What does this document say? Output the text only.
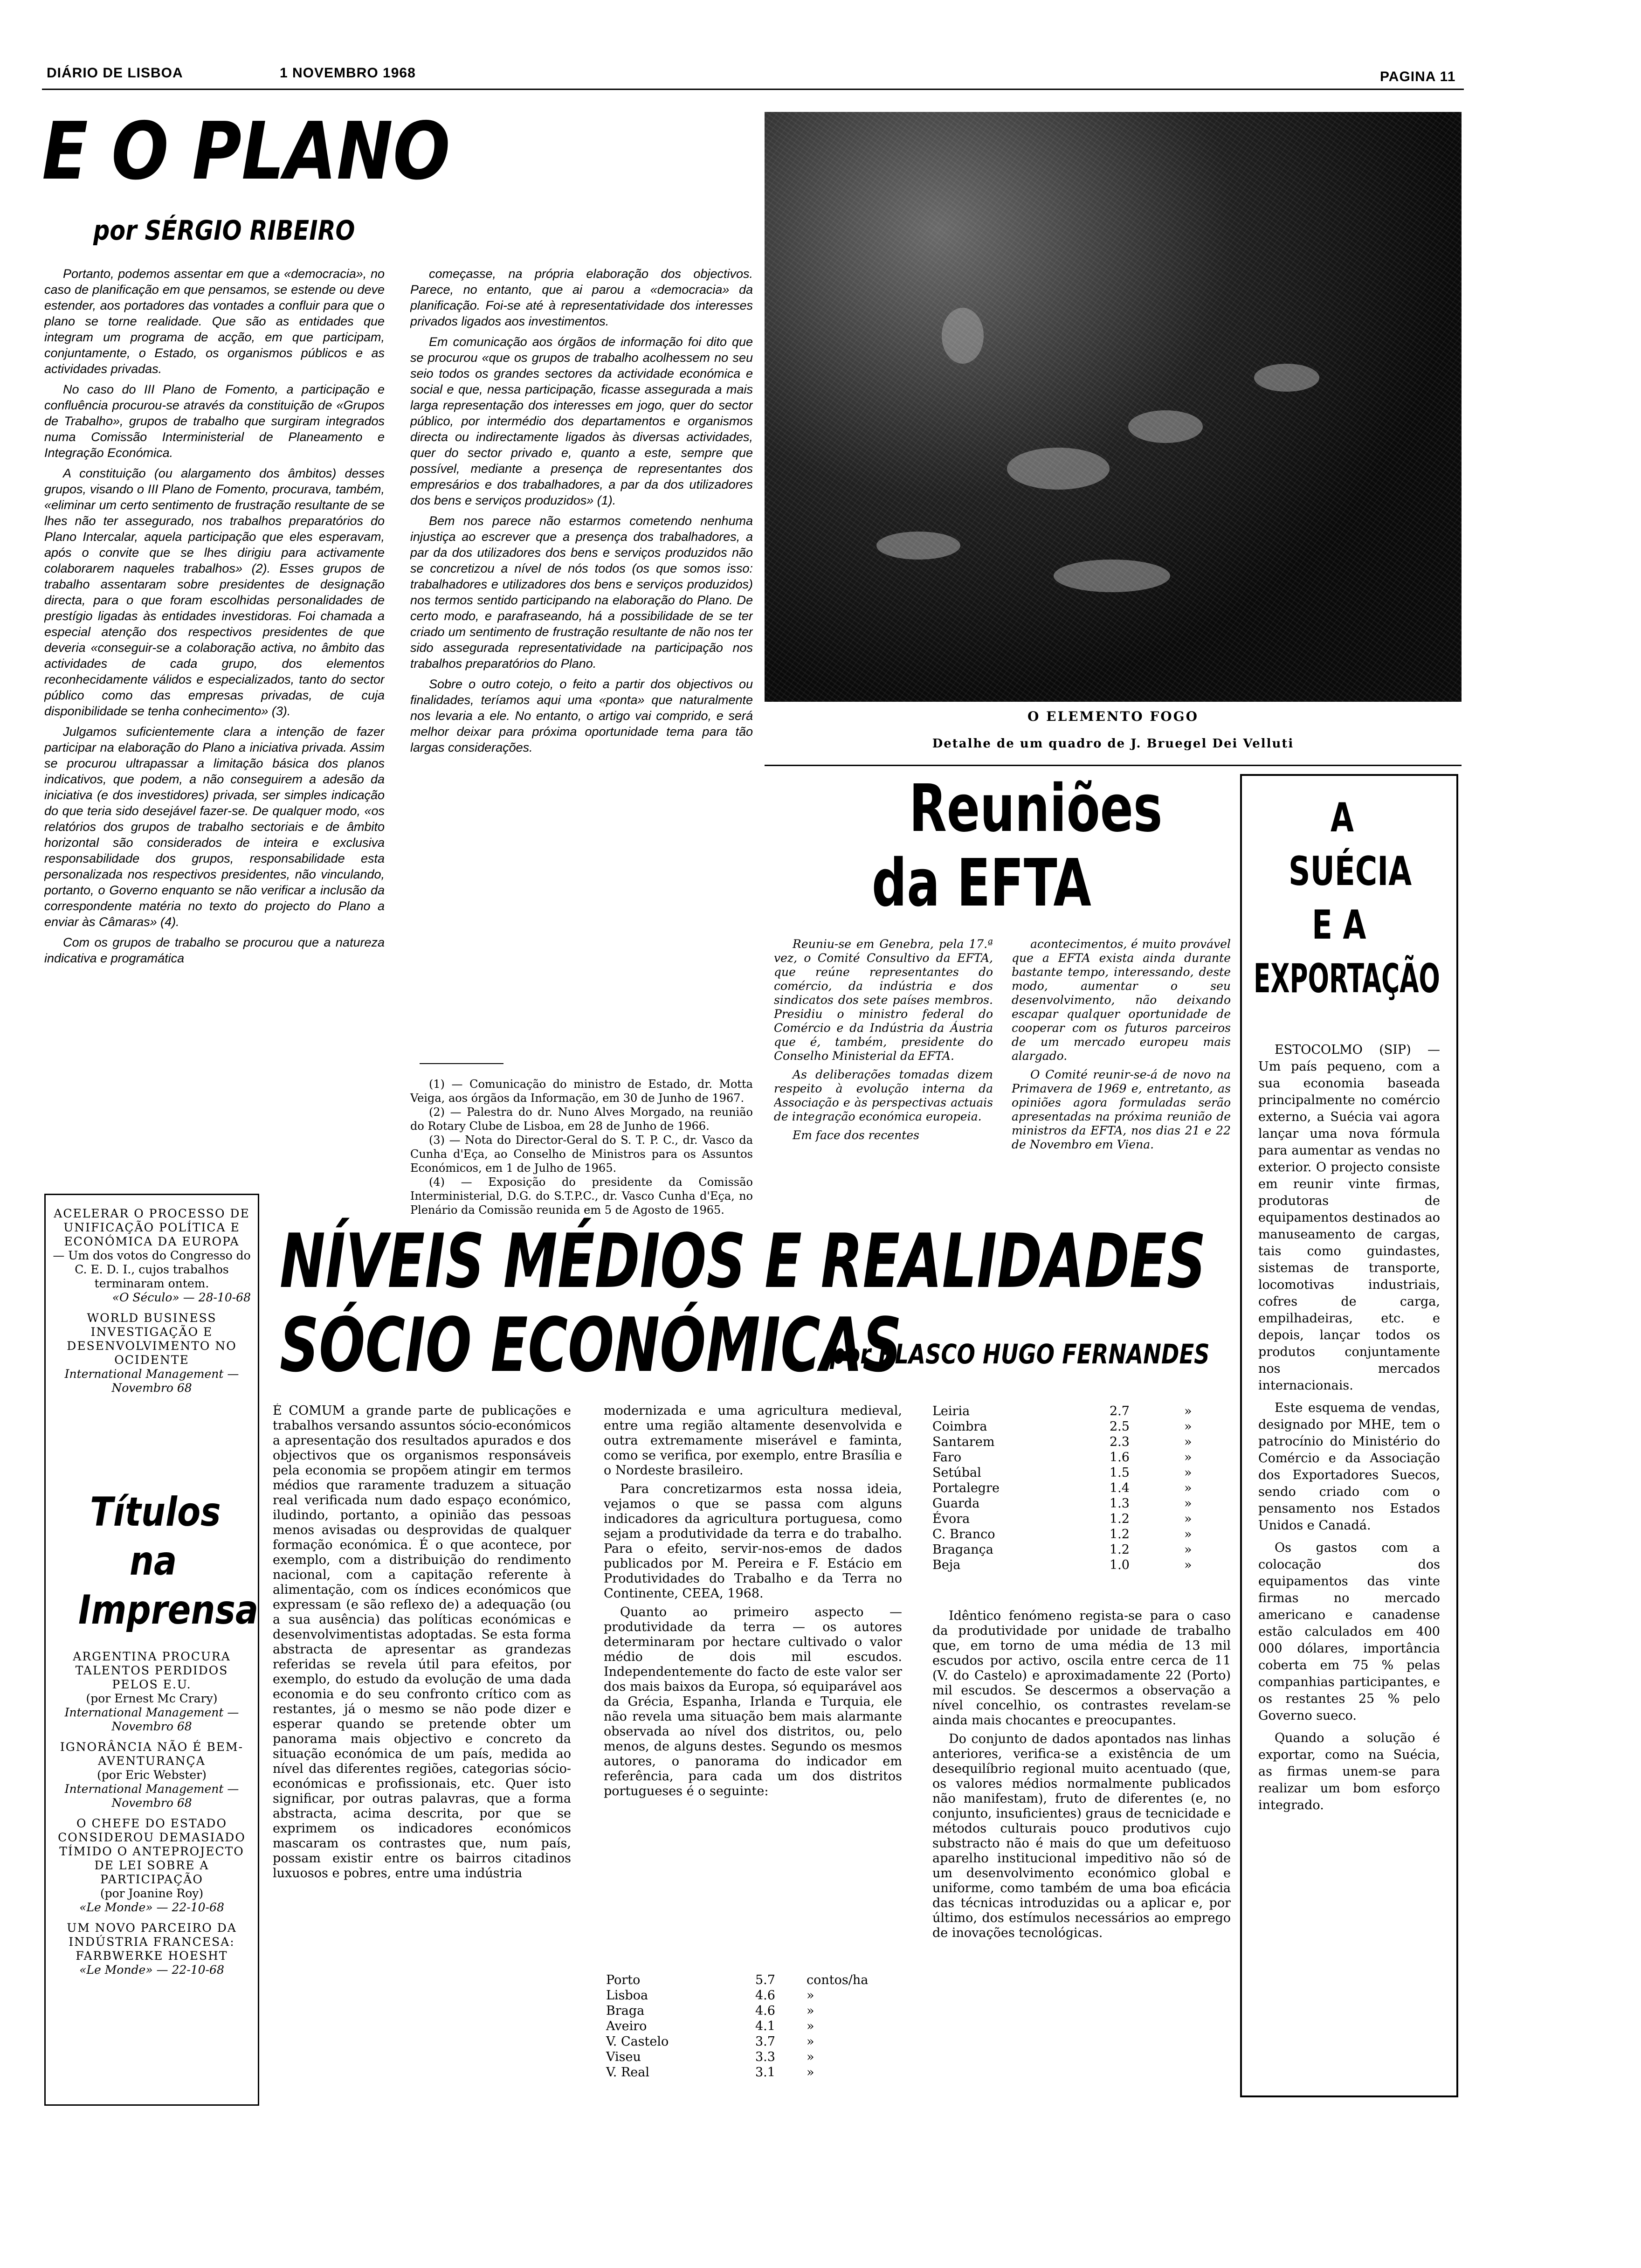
DIÁRIO DE LISBOA	1 NOVEMBRO 1968	PAGINA 11
E O PLANO
por SÉRGIO RIBEIRO

Portanto, podemos assentar em que a «democracia», no caso de planificação em que pensamos, se estende ou deve estender, aos portadores das vontades a confluir para que o plano se torne realidade. Que são as entidades que integram um programa de acção, em que participam, conjuntamente, o Estado, os organismos públicos e as actividades privadas.

No caso do III Plano de Fomento, a participação e confluência procurou-se através da constituição de «Grupos de Trabalho», grupos de trabalho que surgiram integrados numa Comissão Interministerial de Planeamento e Integração Económica.

A constituição (ou alargamento dos âmbitos) desses grupos, visando o III Plano de Fomento, procurava, também, «eliminar um certo sentimento de frustração resultante de se lhes não ter assegurado, nos trabalhos preparatórios do Plano Intercalar, aquela participação que eles esperavam, após o convite que se lhes dirigiu para activamente colaborarem naqueles trabalhos» (2). Esses grupos de trabalho assentaram sobre presidentes de designação directa, para o que foram escolhidas personalidades de prestígio ligadas às entidades investidoras. Foi chamada a especial atenção dos respectivos presidentes de que deveria «conseguir-se a colaboração activa, no âmbito das actividades de cada grupo, dos elementos reconhecidamente válidos e especializados, tanto do sector público como das empresas privadas, de cuja disponibilidade se tenha conhecimento» (3).

Julgamos suficientemente clara a intenção de fazer participar na elaboração do Plano a iniciativa privada. Assim se procurou ultrapassar a limitação básica dos planos indicativos, que podem, a não conseguirem a adesão da iniciativa (e dos investidores) privada, ser simples indicação do que teria sido desejável fazer-se. De qualquer modo, «os relatórios dos grupos de trabalho sectoriais e de âmbito horizontal são considerados de inteira e exclusiva responsabilidade dos grupos, responsabilidade esta personalizada nos respectivos presidentes, não vinculando, portanto, o Governo enquanto se não verificar a inclusão da correspondente matéria no texto do projecto do Plano a enviar às Câmaras» (4).

Com os grupos de trabalho se procurou que a natureza indicativa e programática

começasse, na própria elaboração dos objectivos. Parece, no entanto, que ai parou a «democracia» da planificação. Foi-se até à representatividade dos interesses privados ligados aos investimentos.

Em comunicação aos órgãos de informação foi dito que se procurou «que os grupos de trabalho acolhessem no seu seio todos os grandes sectores da actividade económica e social e que, nessa participação, ficasse assegurada a mais larga representação dos interesses em jogo, quer do sector público, por intermédio dos departamentos e organismos directa ou indirectamente ligados às diversas actividades, quer do sector privado e, quanto a este, sempre que possível, mediante a presença de representantes dos empresários e dos trabalhadores, a par da dos utilizadores dos bens e serviços produzidos» (1).

Bem nos parece não estarmos cometendo nenhuma injustiça ao escrever que a presença dos trabalhadores, a par da dos utilizadores dos bens e serviços produzidos não se concretizou a nível de nós todos (os que somos isso: trabalhadores e utilizadores dos bens e serviços produzidos) nos termos sentido participando na elaboração do Plano. De certo modo, e parafraseando, há a possibilidade de se ter criado um sentimento de frustração resultante de não nos ter sido assegurada representatividade na participação nos trabalhos preparatórios do Plano.

Sobre o outro cotejo, o feito a partir dos objectivos ou finalidades, teríamos aqui uma «ponta» que naturalmente nos levaria a ele. No entanto, o artigo vai comprido, e será melhor deixar para próxima oportunidade tema para tão largas considerações.

(1) — Comunicação do ministro de Estado, dr. Motta Veiga, aos órgãos da Informação, em 30 de Junho de 1967.
(2) — Palestra do dr. Nuno Alves Morgado, na reunião do Rotary Clube de Lisboa, em 28 de Junho de 1966.
(3) — Nota do Director-Geral do S. T. P. C., dr. Vasco da Cunha d'Eça, ao Conselho de Ministros para os Assuntos Económicos, em 1 de Julho de 1965.
(4) — Exposição do presidente da Comissão Interministerial, D.G. do S.T.P.C., dr. Vasco Cunha d'Eça, no Plenário da Comissão reunida em 5 de Agosto de 1965.
O ELEMENTO FOGO
Detalhe de um quadro de J. Bruegel Dei Velluti
Reuniões
da EFTA

Reuniu-se em Genebra, pela 17.ª vez, o Comité Consultivo da EFTA, que reúne representantes do comércio, da indústria e dos sindicatos dos sete países membros. Presidiu o ministro federal do Comércio e da Indústria da Áustria que é, também, presidente do Conselho Ministerial da EFTA.

As deliberações tomadas dizem respeito à evolução interna da Associação e às perspectivas actuais de integração económica europeia.

Em face dos recentes

acontecimentos, é muito provável que a EFTA exista ainda durante bastante tempo, interessando, deste modo, aumentar o seu desenvolvimento, não deixando escapar qualquer oportunidade de cooperar com os futuros parceiros de um mercado europeu mais alargado.

O Comité reunir-se-á de novo na Primavera de 1969 e, entretanto, as opiniões agora formuladas serão apresentadas na próxima reunião de ministros da EFTA, nos dias 21 e 22 de Novembro em Viena.

A
SUÉCIA
E A
EXPORTAÇÃO

ESTOCOLMO (SIP) — Um país pequeno, com a sua economia baseada principalmente no comércio externo, a Suécia vai agora lançar uma nova fórmula para aumentar as vendas no exterior. O projecto consiste em reunir vinte firmas, produtoras de equipamentos destinados ao manuseamento de cargas, tais como guindastes, sistemas de transporte, locomotivas industriais, cofres de carga, empilhadeiras, etc. e depois, lançar todos os produtos conjuntamente nos mercados internacionais.

Este esquema de vendas, designado por MHE, tem o patrocínio do Ministério do Comércio e da Associação dos Exportadores Suecos, sendo criado com o pensamento nos Estados Unidos e Canadá.

Os gastos com a colocação dos equipamentos das vinte firmas no mercado americano e canadense estão calculados em 400 000 dólares, importância coberta em 75 % pelas companhias participantes, e os restantes 25 % pelo Governo sueco.

Quando a solução é exportar, como na Suécia, as firmas unem-se para realizar um bom esforço integrado.

ACELERAR O PROCESSO DE UNIFICAÇÃO POLÍTICA E ECONÓMICA DA EUROPA
— Um dos votos do Congresso do C. E. D. I., cujos trabalhos terminaram ontem.
«O Século» — 28-10-68
WORLD BUSINESS INVESTIGAÇÃO E DESENVOLVIMENTO NO OCIDENTE
International Management — Novembro 68
Títulos
na
Imprensa
ARGENTINA PROCURA TALENTOS PERDIDOS PELOS E.U.
(por Ernest Mc Crary)
International Management — Novembro 68
IGNORÂNCIA NÃO É BEM-AVENTURANÇA
(por Eric Webster)
International Management — Novembro 68
O CHEFE DO ESTADO CONSIDEROU DEMASIADO TÍMIDO O ANTEPROJECTO DE LEI SOBRE A PARTICIPAÇÃO
(por Joanine Roy)
«Le Monde» — 22-10-68
UM NOVO PARCEIRO DA INDÚSTRIA FRANCESA: FARBWERKE HOESHT
«Le Monde» — 22-10-68
NÍVEIS MÉDIOS E REALIDADES
SÓCIO ECONÓMICAS
por BLASCO HUGO FERNANDES

É COMUM a grande parte de publicações e trabalhos versando assuntos sócio-económicos a apresentação dos resultados apurados e dos objectivos que os organismos responsáveis pela economia se propõem atingir em termos médios que raramente traduzem a situação real verificada num dado espaço económico, iludindo, portanto, a opinião das pessoas menos avisadas ou desprovidas de qualquer formação económica. É o que acontece, por exemplo, com a distribuição do rendimento nacional, com a capitação referente à alimentação, com os índices económicos que expressam (e são reflexo de) a adequação (ou a sua ausência) das políticas económicas e desenvolvimentistas adoptadas. Se esta forma abstracta de apresentar as grandezas referidas se revela útil para efeitos, por exemplo, do estudo da evolução de uma dada economia e do seu confronto crítico com as restantes, já o mesmo se não pode dizer e esperar quando se pretende obter um panorama mais objectivo e concreto da situação económica de um país, medida ao nível das diferentes regiões, categorias sócio-económicas e profissionais, etc. Quer isto significar, por outras palavras, que a forma abstracta, acima descrita, por que se exprimem os indicadores económicos mascaram os contrastes que, num país, possam existir entre os bairros citadinos luxuosos e pobres, entre uma indústria

modernizada e uma agricultura medieval, entre uma região altamente desenvolvida e outra extremamente miserável e faminta, como se verifica, por exemplo, entre Brasília e o Nordeste brasileiro.

Para concretizarmos esta nossa ideia, vejamos o que se passa com alguns indicadores da agricultura portuguesa, como sejam a produtividade da terra e do trabalho. Para o efeito, servir-nos-emos de dados publicados por M. Pereira e F. Estácio em Produtividades do Trabalho e da Terra no Continente, CEEA, 1968.

Quanto ao primeiro aspecto — produtividade da terra — os autores determinaram por hectare cultivado o valor médio de dois mil escudos. Independentemente do facto de este valor ser dos mais baixos da Europa, só equiparável aos da Grécia, Espanha, Irlanda e Turquia, ele não revela uma situação bem mais alarmante observada ao nível dos distritos, ou, pelo menos, de alguns destes. Segundo os mesmos autores, o panorama do indicador em referência, para cada um dos distritos portugueses é o seguinte:

Porto	5.7	contos/ha
Lisboa	4.6	»
Braga	4.6	»
Aveiro	4.1	»
V. Castelo	3.7	»
Viseu	3.3	»
V. Real	3.1	»
Leiria	2.7	»
Coimbra	2.5	»
Santarem	2.3	»
Faro	1.6	»
Setúbal	1.5	»
Portalegre	1.4	»
Guarda	1.3	»
Évora	1.2	»
C. Branco	1.2	»
Bragança	1.2	»
Beja	1.0	»

Idêntico fenómeno regista-se para o caso da produtividade por unidade de trabalho que, em torno de uma média de 13 mil escudos por activo, oscila entre cerca de 11 (V. do Castelo) e aproximadamente 22 (Porto) mil escudos. Se descermos a observação a nível concelhio, os contrastes revelam-se ainda mais chocantes e preocupantes.

Do conjunto de dados apontados nas linhas anteriores, verifica-se a existência de um desequilíbrio regional muito acentuado (que, os valores médios normalmente publicados não manifestam), fruto de diferentes (e, no conjunto, insuficientes) graus de tecnicidade e métodos culturais pouco produtivos cujo substracto não é mais do que um defeituoso aparelho institucional impeditivo não só de um desenvolvimento económico global e uniforme, como também de uma boa eficácia das técnicas introduzidas ou a aplicar e, por último, dos estímulos necessários ao emprego de inovações tecnológicas.
